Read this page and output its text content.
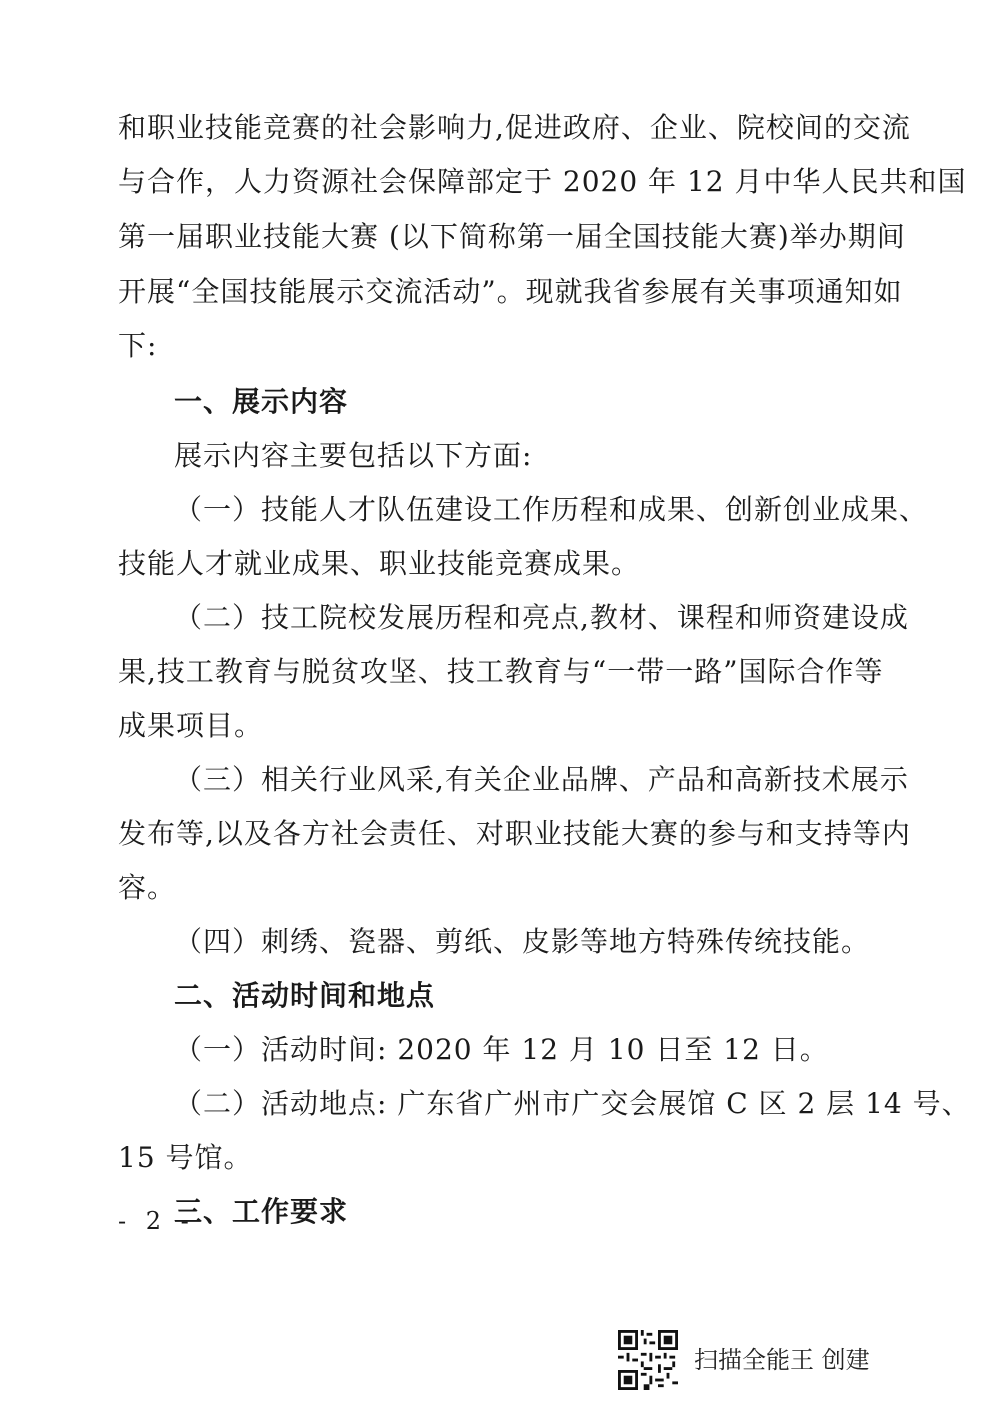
和职业技能竞赛的社会影响力,促进政府、企业、院校间的交流
与合作，人力资源社会保障部定于 2020 年 12 月中华人民共和国
第一届职业技能大赛 (以下简称第一届全国技能大赛)举办期间
开展“全国技能展示交流活动”。现就我省参展有关事项通知如
下:
一、展示内容
展示内容主要包括以下方面:
（一）技能人才队伍建设工作历程和成果、创新创业成果、
技能人才就业成果、职业技能竞赛成果。
（二）技工院校发展历程和亮点,教材、课程和师资建设成
果,技工教育与脱贫攻坚、技工教育与“一带一路”国际合作等
成果项目。
（三）相关行业风采,有关企业品牌、产品和高新技术展示
发布等,以及各方社会责任、对职业技能大赛的参与和支持等内
容。
（四）刺绣、瓷器、剪纸、皮影等地方特殊传统技能。
二、活动时间和地点
（一）活动时间: 2020 年 12 月 10 日至 12 日。
（二）活动地点: 广东省广州市广交会展馆 C 区 2 层 14 号、
15 号馆。
三、工作要求
- 2 -
扫描全能王 创建
